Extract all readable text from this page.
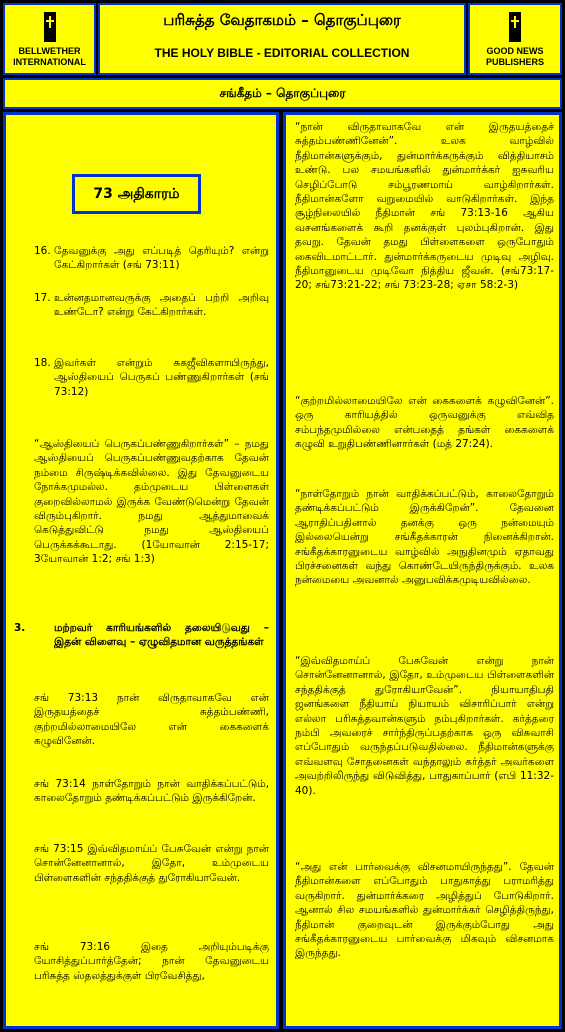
BELLWETHER INTERNATIONAL
பரிசுத்த வேதாகமம் – தொகுப்புரை
THE HOLY BIBLE - EDITORIAL COLLECTION	GOOD NEWS PUBLISHERS
சங்கீதம் – தொகுப்புரை
73 அதிகாரம்
16. தேவனுக்கு அது எப்படித் தெரியும்? என்று கேட்கிறார்கள் (சங் 73:11)

17. உன்னதமானவருக்கு அதைப் பற்றி அறிவு உண்டோ? என்று கேட்கிறார்கள்.

18. இவர்கள் என்றும் சுகஜீவிகளாயிருந்து, ஆஸ்தியைப் பெருகப் பண்ணுகிறார்கள் (சங் 73:12)

“ஆஸ்தியைப் பெருகப்பண்ணுகிறார்கள்” – நமது ஆஸ்தியைப் பெருகப்பண்ணுவதற்காக தேவன் நம்மை சிருஷ்டிக்கவில்லை. இது தேவனுடைய நோக்கமுமல்ல. தம்முடைய பிள்ளைகள் குறைவில்லாமல் இருக்க வேண்டுமென்று தேவன் விரும்புகிறார். நமது ஆத்துமாவைக் கெடுத்துவிட்டு நமது ஆஸ்தியைப் பெருக்கக்கூடாது. (1யோவான் 2:15-17; 3யோவான் 1:2; சங் 1:3)

3.	மற்றவர் காரியங்களில் தலையிடுவது – இதன் விளைவு – ஏழுவிதமான வருத்தங்கள்

சங் 73:13 நான் விருதாவாகவே என் இருதயத்தைச் சுத்தம்பண்ணி, குற்றமில்லாமையிலே என் கைகளைக் கழுவினேன்.

சங் 73:14 நாள்தோறும் நான் வாதிக்கப்பட்டும், காலைதோறும் தண்டிக்கப்பட்டும் இருக்கிறேன்.

சங் 73:15 இவ்விதமாய்ப் பேசுவேன் என்று நான் சொன்னேனானால், இதோ, உம்முடைய பிள்ளைகளின் சந்ததிக்குத் துரோகியாவேன்.

சங் 73:16 இதை அறியும்படிக்கு யோசித்துப்பார்த்தேன்; நான் தேவனுடைய பரிசுத்த ஸ்தலத்துக்குள் பிரவேசித்து,

“நான் விருதாவாகவே என் இருதயத்தைச் சுத்தம்பண்ணினேன்”. உலக வாழ்வில் நீதிமான்களுக்கும், துன்மார்க்கருக்கும் வித்தியாசம் உண்டு. பல சமயங்களில் துன்மார்க்கர் ஐசுவரிய செழிப்போடு சம்பூரணமாய் வாழ்கிறார்கள். நீதிமான்களோ வறுமையில் வாடுகிறார்கள். இந்த சூழ்நிலையில் நீதிமான் சங் 73:13-16 ஆகிய வசனங்களைக் கூறி தனக்குள் புலம்புகிறான். இது தவறு. தேவன் தமது பிள்ளைகளை ஒருபோதும் கைவிடமாட்டார். துன்மார்க்கருடைய முடிவு அழிவு. நீதிமானுடைய முடிவோ நித்திய ஜீவன். (சங்73:17-20; சங்73:21-22; சங் 73:23-28; ஏசா 58:2-3)

“குற்றமில்லாமையிலே என் கைகளைக் கழுவினேன்”. ஒரு காரியத்தில் ஒருவனுக்கு எவ்வித சம்பந்தமுமில்லை என்பதைத் தங்கள் கைகளைக் கழுவி உறுதிபண்ணினார்கள் (மத் 27:24).

“நாள்தோறும் நான் வாதிக்கப்பட்டும், காலைதோறும் தண்டிக்கப்பட்டும் இருக்கிறேன்”. தேவனை ஆராதிப்பதினால் தனக்கு ஒரு நன்மையும் இல்லையென்று சங்கீதக்காரன் நினைக்கிறான். சங்கீதக்காரனுடைய வாழ்வில் அநுதினமும் ஏதாவது பிரச்சனைகள் வந்து கொண்டேயிருந்திருக்கும். உலக நன்மையை அவனால் அனுபவிக்கமுடியவில்லை.

“இவ்விதமாய்ப் பேசுவேன் என்று நான் சொன்னேனானால், இதோ, உம்முடைய பிள்ளைகளின் சந்ததிக்குத் துரோகியாவேன்”. நியாயாதிபதி ஜனங்களை நீதியாய் நியாயம் விசாரிப்பார் என்று எல்லா பரிசுத்தவான்களும் நம்புகிறார்கள். கர்த்தரை நம்பி அவரைச் சார்ந்திருப்பதற்காக ஒரு விசுவாசி எப்போதும் வருந்தப்படுவதில்லை. நீதிமான்களுக்கு எவ்வளவு சோதனைகள் வந்தாலும் கர்த்தர் அவர்களை அவற்றிலிருந்து விடுவித்து, பாதுகாப்பார் (எபி 11:32-40).

“அது என் பார்வைக்கு விசனமாயிருந்தது”. தேவன் நீதிமான்களை எப்போதும் பாதுகாத்து பராமரித்து வருகிறார். துன்மார்க்கரை அழித்துப் போடுகிறார். ஆனால் சில சமயங்களில் துன்மார்க்கர் செழித்திருந்து, நீதிமான் குறைவுடன் இருக்கும்போது அது சங்கீதக்காரனுடைய பார்வைக்கு மிகவும் விசனமாக இருந்தது.
